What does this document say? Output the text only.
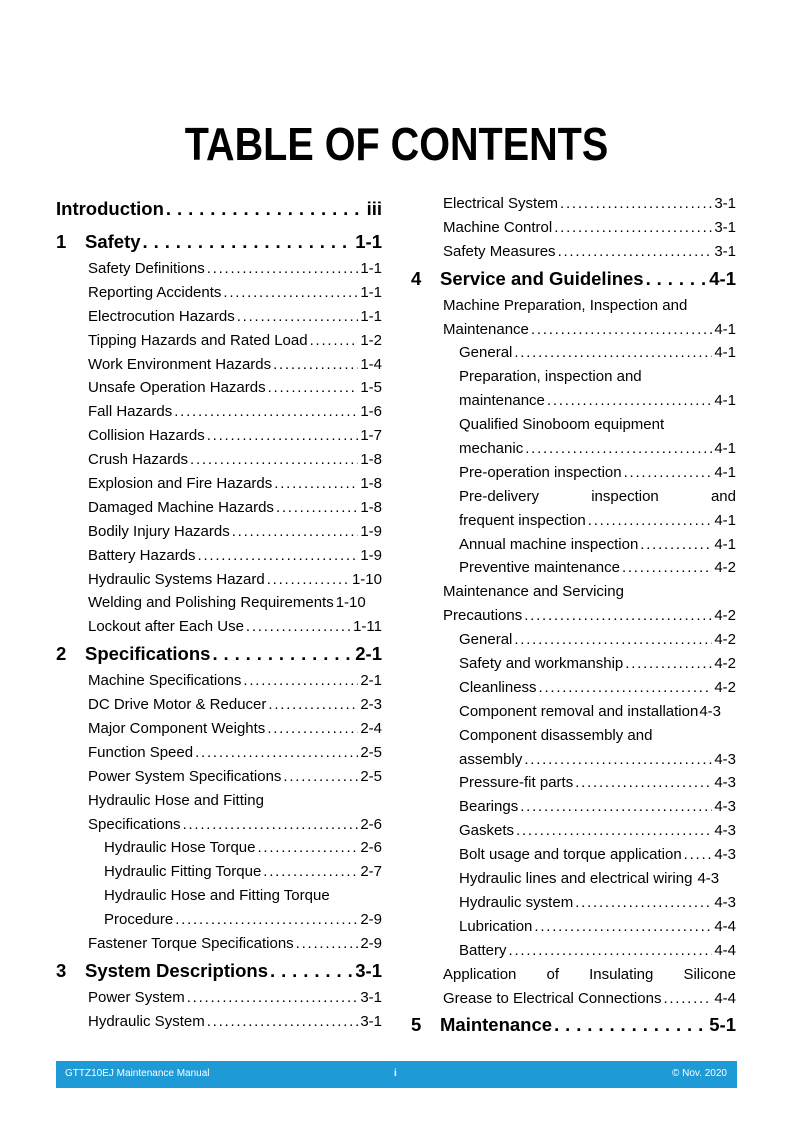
TABLE OF CONTENTS
Introduction . . .	iii
1	Safety . . .	1-1
Safety Definitions . . .	1-1
Reporting Accidents . . .	1-1
Electrocution Hazards . . .	1-1
Tipping Hazards and Rated Load . . .	1-2
Work Environment Hazards . . .	1-4
Unsafe Operation Hazards . . .	1-5
Fall Hazards . . .	1-6
Collision Hazards . . .	1-7
Crush Hazards . . .	1-8
Explosion and Fire Hazards . . .	1-8
Damaged Machine Hazards . . .	1-8
Bodily Injury Hazards . . .	1-9
Battery Hazards . . .	1-9
Hydraulic Systems Hazard . . .	1-10
Welding and Polishing Requirements 1-10
Lockout after Each Use . . .	1-11
2	Specifications . . .	2-1
Machine Specifications . . .	2-1
DC Drive Motor & Reducer . . .	2-3
Major Component Weights . . .	2-4
Function Speed . . .	2-5
Power System Specifications . . .	2-5
Hydraulic Hose and Fitting
Specifications . . .	2-6
Hydraulic Hose Torque . . .	2-6
Hydraulic Fitting Torque . . .	2-7
Hydraulic Hose and Fitting Torque
Procedure . . .	2-9
Fastener Torque Specifications . . .	2-9
3	System Descriptions . . .	3-1
Power System . . .	3-1
Hydraulic System . . .	3-1
Electrical System . . .	3-1
Machine Control . . .	3-1
Safety Measures . . .	3-1
4	Service and Guidelines . . .	4-1
Machine Preparation, Inspection and
Maintenance . . .	4-1
General . . .	4-1
Preparation, inspection and
maintenance . . .	4-1
Qualified Sinoboom equipment
mechanic . . .	4-1
Pre-operation inspection . . .	4-1
Pre-delivery	inspection	and
frequent inspection . . .	4-1
Annual machine inspection . . .	4-1
Preventive maintenance . . .	4-2
Maintenance and Servicing
Precautions . . .	4-2
General . . .	4-2
Safety and workmanship . . .	4-2
Cleanliness . . .	4-2
Component removal and installation 4-3
Component disassembly and
assembly . . .	4-3
Pressure-fit parts . . .	4-3
Bearings . . .	4-3
Gaskets . . .	4-3
Bolt usage and torque application . . . 4-3
Hydraulic lines and electrical wiring 4-3
Hydraulic system . . .	4-3
Lubrication . . .	4-4
Battery . . .	4-4
Application of Insulating Silicone
Grease to Electrical Connections . . .	4-4
5	Maintenance . . .	5-1
GTTZ10EJ Maintenance Manual	i	© Nov. 2020
